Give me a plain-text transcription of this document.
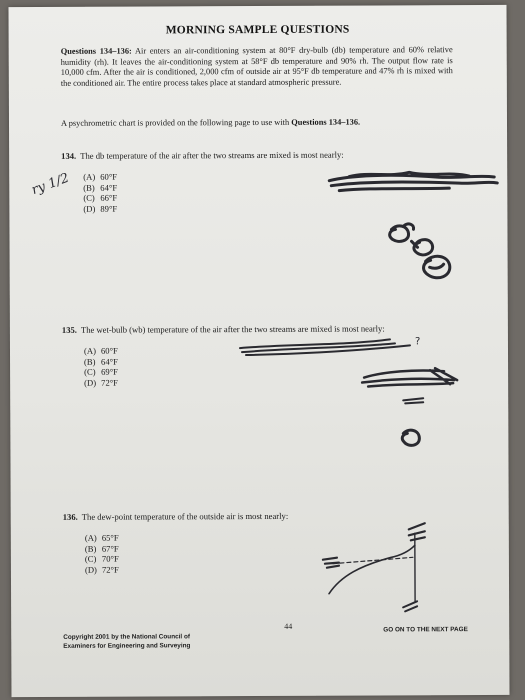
MORNING SAMPLE QUESTIONS
Questions 134–136: Air enters an air-conditioning system at 80°F dry-bulb (db) temperature and 60% relative humidity (rh). It leaves the air-conditioning system at 58°F db temperature and 90% rh. The output flow rate is 10,000 cfm. After the air is conditioned, 2,000 cfm of outside air at 95°F db temperature and 47% rh is mixed with the conditioned air. The entire process takes place at standard atmospheric pressure.
A psychrometric chart is provided on the following page to use with Questions 134–136.
134. The db temperature of the air after the two streams are mixed is most nearly:
(A) 60°F
(B) 64°F
(C) 66°F
(D) 89°F
135. The wet-bulb (wb) temperature of the air after the two streams are mixed is most nearly:
(A) 60°F
(B) 64°F
(C) 69°F
(D) 72°F
136. The dew-point temperature of the outside air is most nearly:
(A) 65°F
(B) 67°F
(C) 70°F
(D) 72°F
ry 1/2
?
Copyright 2001 by the National Council of
Examiners for Engineering and Surveying
44	GO ON TO THE NEXT PAGE
